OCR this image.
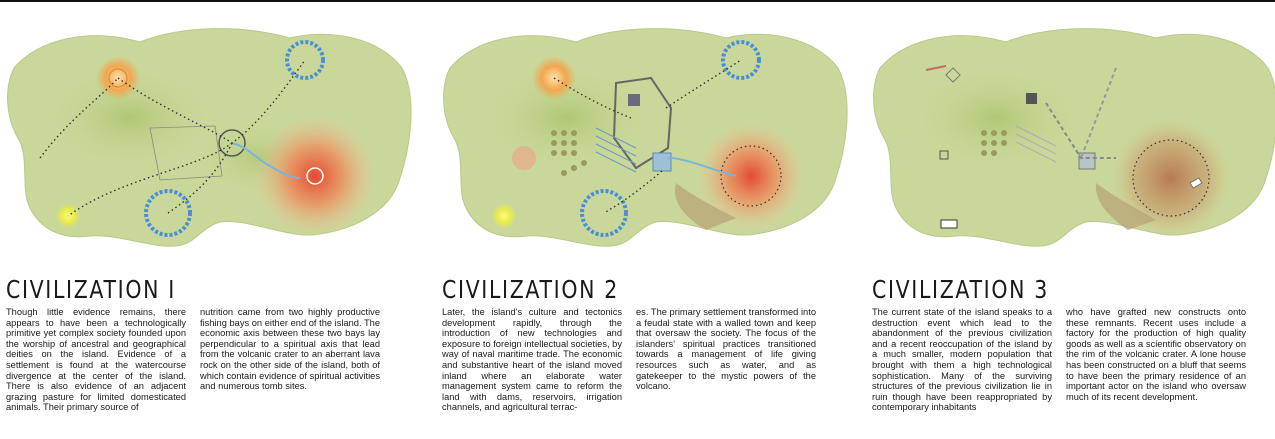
CIVILIZATION I

Though little evidence remains, there appears to have been a technologically primitive yet complex society founded upon the worship of ancestral and geographical deities on the island. Evidence of a settlement is found at the watercourse divergence at the center of the island. There is also evidence of an adjacent grazing pasture for limited domesticated animals. Their primary source of

nutrition came from two highly productive fishing bays on either end of the island. The economic axis between these two bays lay perpendicular to a spiritual axis that lead from the volcanic crater to an aberrant lava rock on the other side of the island, both of which contain evidence of spiritual activities and numerous tomb sites.

CIVILIZATION 2

Later, the island's culture and tectonics development rapidly, through the introduction of new technologies and exposure to foreign intellectual societies, by way of naval maritime trade. The economic and substantive heart of the island moved inland where an elaborate water management system came to reform the land with dams, reservoirs, irrigation channels, and agricultural terrac-

es. The primary settlement transformed into a feudal state with a walled town and keep that oversaw the society. The focus of the islanders' spiritual practices transitioned towards a management of life giving resources such as water, and as gatekeeper to the mystic powers of the volcano.

CIVILIZATION 3

The current state of the island speaks to a destruction event which lead to the abandonment of the previous civilization and a recent reoccupation of the island by a much smaller, modern population that brought with them a high technological sophistication. Many of the surviving structures of the previous civilization lie in ruin though have been reappropriated by contemporary inhabitants

who have grafted new constructs onto these remnants. Recent uses include a factory for the production of high quality goods as well as a scientific observatory on the rim of the volcanic crater. A lone house has been constructed on a bluff that seems to have been the primary residence of an important actor on the island who oversaw much of its recent development.
